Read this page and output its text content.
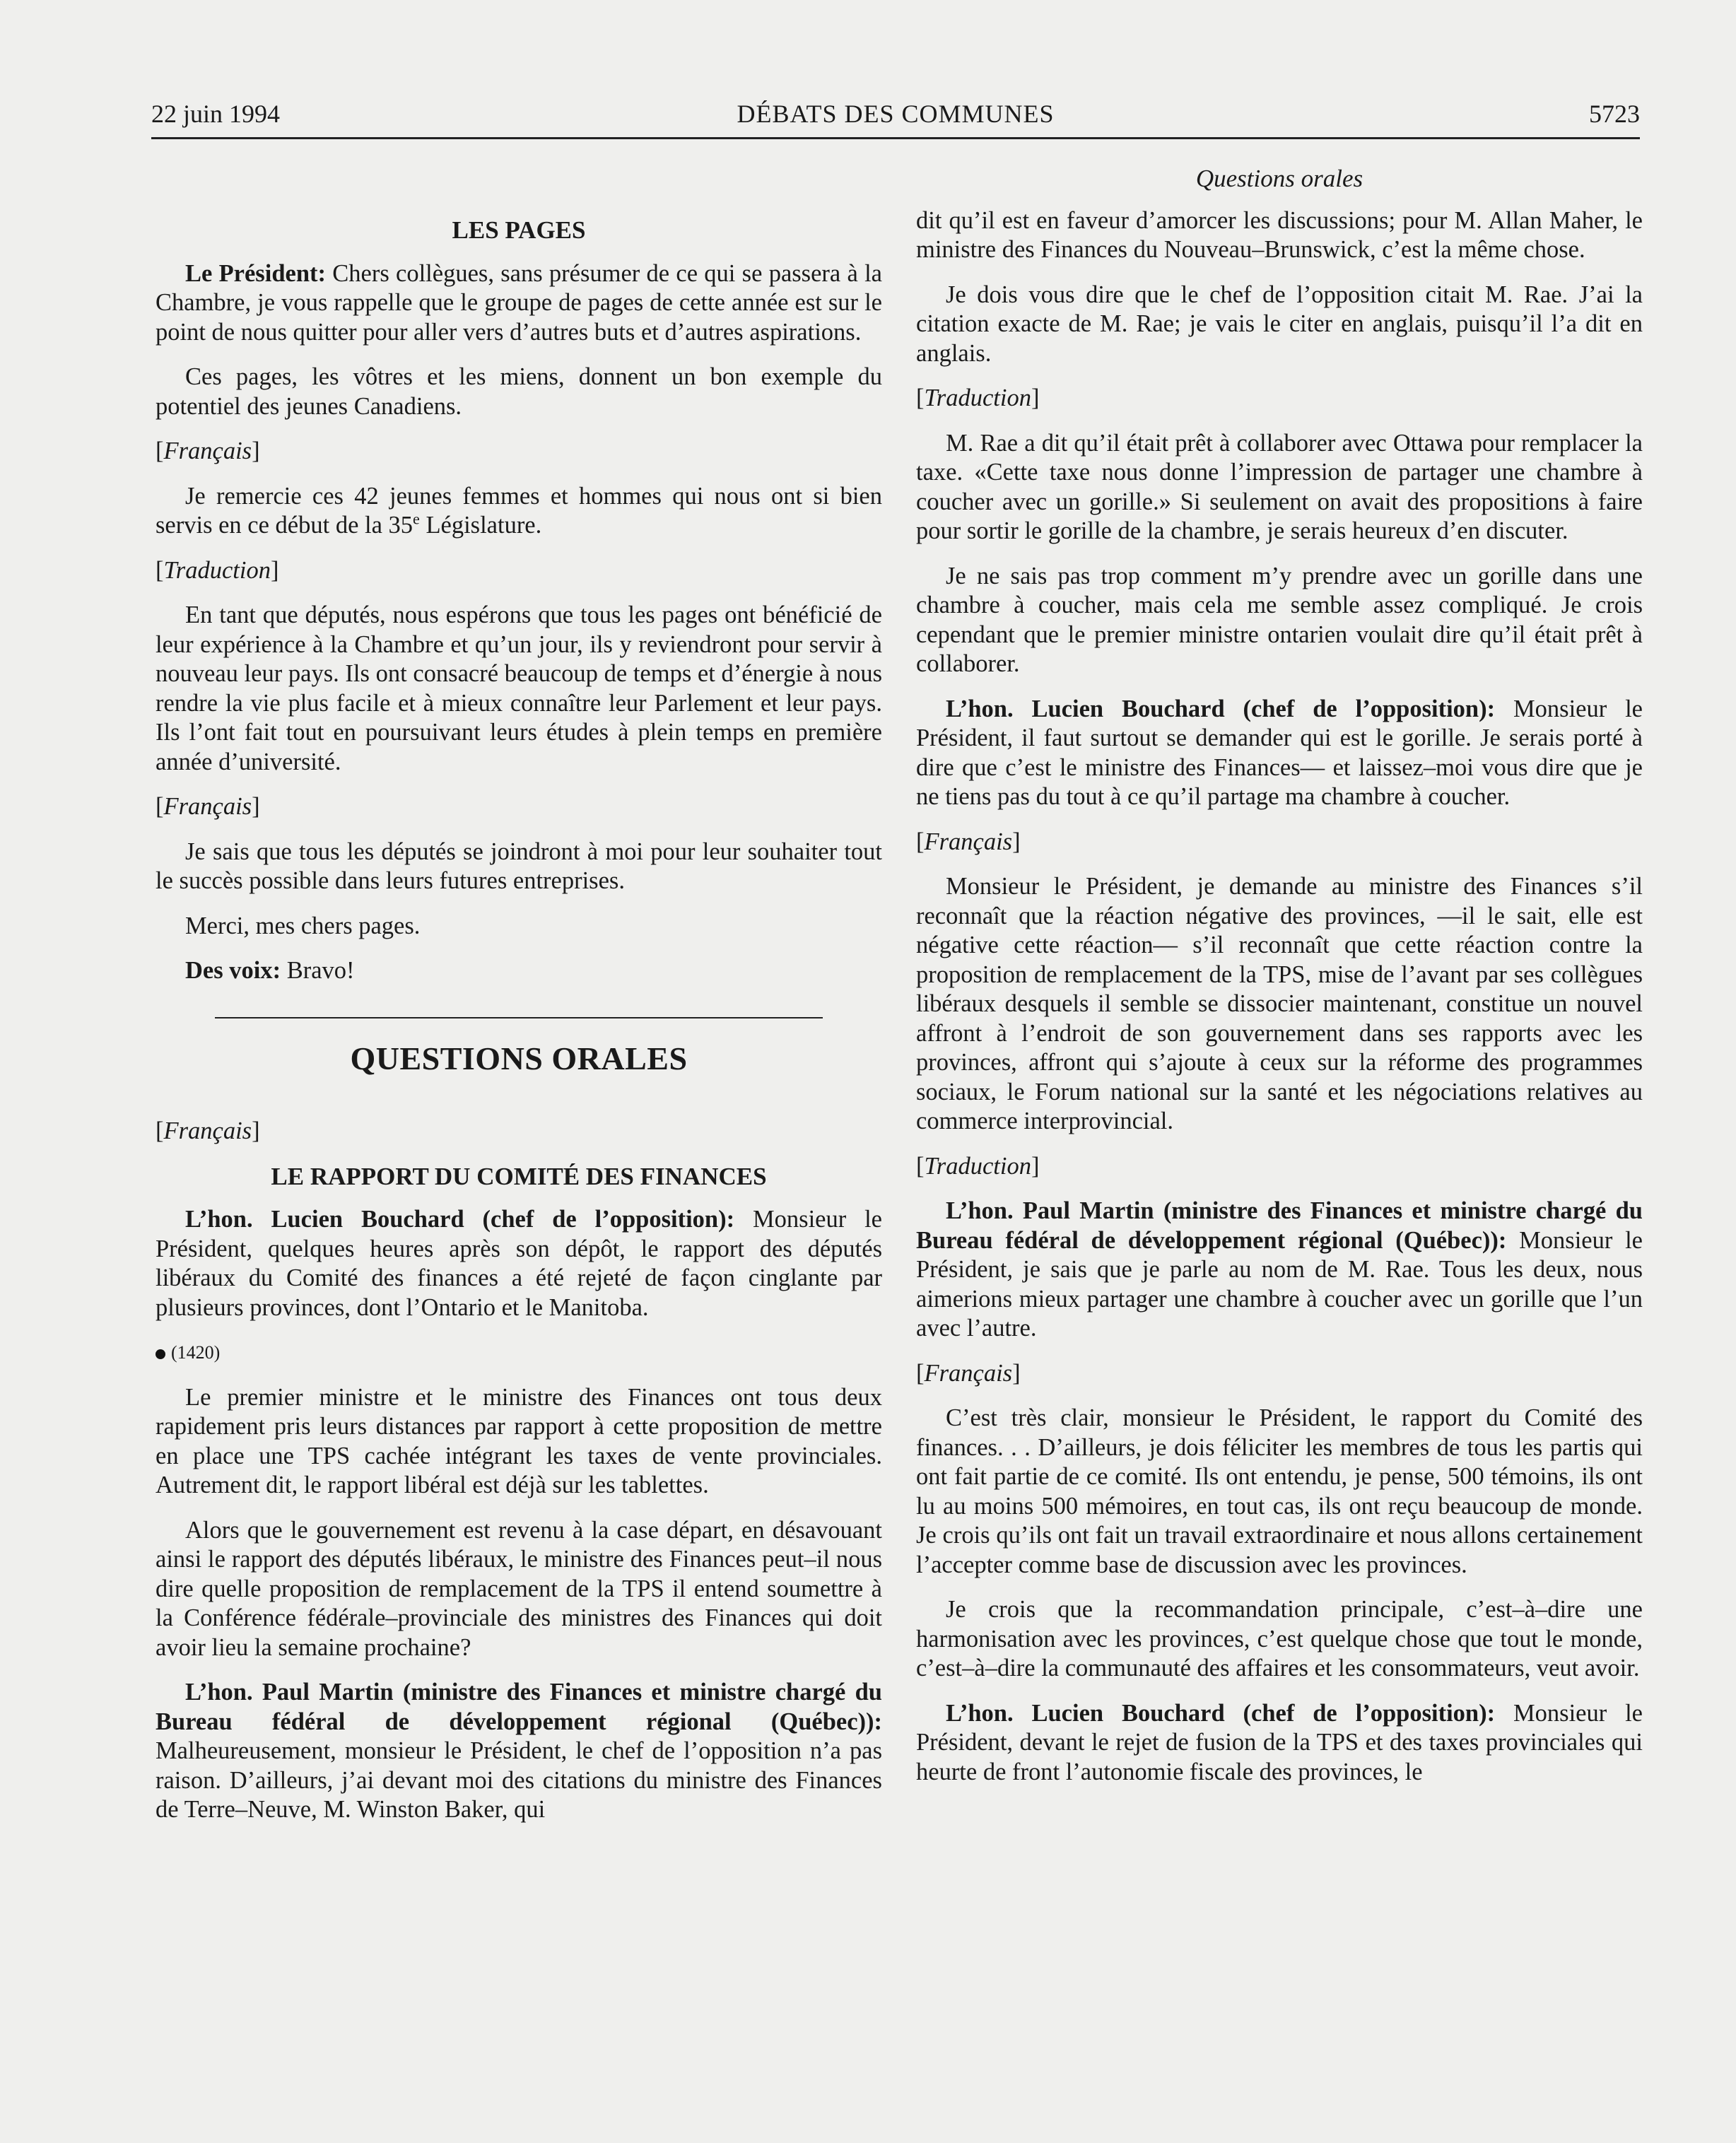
22 juin 1994	DÉBATS DES COMMUNES	5723
LES PAGES

Le Président: Chers collègues, sans présumer de ce qui se passera à la Chambre, je vous rappelle que le groupe de pages de cette année est sur le point de nous quitter pour aller vers d’autres buts et d’autres aspirations.

Ces pages, les vôtres et les miens, donnent un bon exemple du potentiel des jeunes Canadiens.

[Français]

Je remercie ces 42 jeunes femmes et hommes qui nous ont si bien servis en ce début de la 35e Législature.

[Traduction]

En tant que députés, nous espérons que tous les pages ont bénéficié de leur expérience à la Chambre et qu’un jour, ils y reviendront pour servir à nouveau leur pays. Ils ont consacré beaucoup de temps et d’énergie à nous rendre la vie plus facile et à mieux connaître leur Parlement et leur pays. Ils l’ont fait tout en poursuivant leurs études à plein temps en première année d’université.

[Français]

Je sais que tous les députés se joindront à moi pour leur souhaiter tout le succès possible dans leurs futures entreprises.

Merci, mes chers pages.

Des voix: Bravo!

QUESTIONS ORALES

[Français]

LE RAPPORT DU COMITÉ DES FINANCES

L’hon. Lucien Bouchard (chef de l’opposition): Monsieur le Président, quelques heures après son dépôt, le rapport des députés libéraux du Comité des finances a été rejeté de façon cinglante par plusieurs provinces, dont l’Ontario et le Manitoba.

(1420)

Le premier ministre et le ministre des Finances ont tous deux rapidement pris leurs distances par rapport à cette proposition de mettre en place une TPS cachée intégrant les taxes de vente provinciales. Autrement dit, le rapport libéral est déjà sur les tablettes.

Alors que le gouvernement est revenu à la case départ, en désavouant ainsi le rapport des députés libéraux, le ministre des Finances peut–il nous dire quelle proposition de remplacement de la TPS il entend soumettre à la Conférence fédérale–provinciale des ministres des Finances qui doit avoir lieu la semaine prochaine?

L’hon. Paul Martin (ministre des Finances et ministre chargé du Bureau fédéral de développement régional (Québec)): Malheureusement, monsieur le Président, le chef de l’opposition n’a pas raison. D’ailleurs, j’ai devant moi des citations du ministre des Finances de Terre–Neuve, M. Winston Baker, qui

Questions orales

dit qu’il est en faveur d’amorcer les discussions; pour M. Allan Maher, le ministre des Finances du Nouveau–Brunswick, c’est la même chose.

Je dois vous dire que le chef de l’opposition citait M. Rae. J’ai la citation exacte de M. Rae; je vais le citer en anglais, puisqu’il l’a dit en anglais.

[Traduction]

M. Rae a dit qu’il était prêt à collaborer avec Ottawa pour remplacer la taxe. «Cette taxe nous donne l’impression de partager une chambre à coucher avec un gorille.» Si seulement on avait des propositions à faire pour sortir le gorille de la chambre, je serais heureux d’en discuter.

Je ne sais pas trop comment m’y prendre avec un gorille dans une chambre à coucher, mais cela me semble assez compliqué. Je crois cependant que le premier ministre ontarien voulait dire qu’il était prêt à collaborer.

L’hon. Lucien Bouchard (chef de l’opposition): Monsieur le Président, il faut surtout se demander qui est le gorille. Je serais porté à dire que c’est le ministre des Finances— et laissez–moi vous dire que je ne tiens pas du tout à ce qu’il partage ma chambre à coucher.

[Français]

Monsieur le Président, je demande au ministre des Finances s’il reconnaît que la réaction négative des provinces, —il le sait, elle est négative cette réaction— s’il reconnaît que cette réaction contre la proposition de remplacement de la TPS, mise de l’avant par ses collègues libéraux desquels il semble se dissocier maintenant, constitue un nouvel affront à l’endroit de son gouvernement dans ses rapports avec les provinces, affront qui s’ajoute à ceux sur la réforme des programmes sociaux, le Forum national sur la santé et les négociations relatives au commerce interprovincial.

[Traduction]

L’hon. Paul Martin (ministre des Finances et ministre chargé du Bureau fédéral de développement régional (Québec)): Monsieur le Président, je sais que je parle au nom de M. Rae. Tous les deux, nous aimerions mieux partager une chambre à coucher avec un gorille que l’un avec l’autre.

[Français]

C’est très clair, monsieur le Président, le rapport du Comité des finances. . . D’ailleurs, je dois féliciter les membres de tous les partis qui ont fait partie de ce comité. Ils ont entendu, je pense, 500 témoins, ils ont lu au moins 500 mémoires, en tout cas, ils ont reçu beaucoup de monde. Je crois qu’ils ont fait un travail extraordinaire et nous allons certainement l’accepter comme base de discussion avec les provinces.

Je crois que la recommandation principale, c’est–à–dire une harmonisation avec les provinces, c’est quelque chose que tout le monde, c’est–à–dire la communauté des affaires et les consommateurs, veut avoir.

L’hon. Lucien Bouchard (chef de l’opposition): Monsieur le Président, devant le rejet de fusion de la TPS et des taxes provinciales qui heurte de front l’autonomie fiscale des provinces, le
